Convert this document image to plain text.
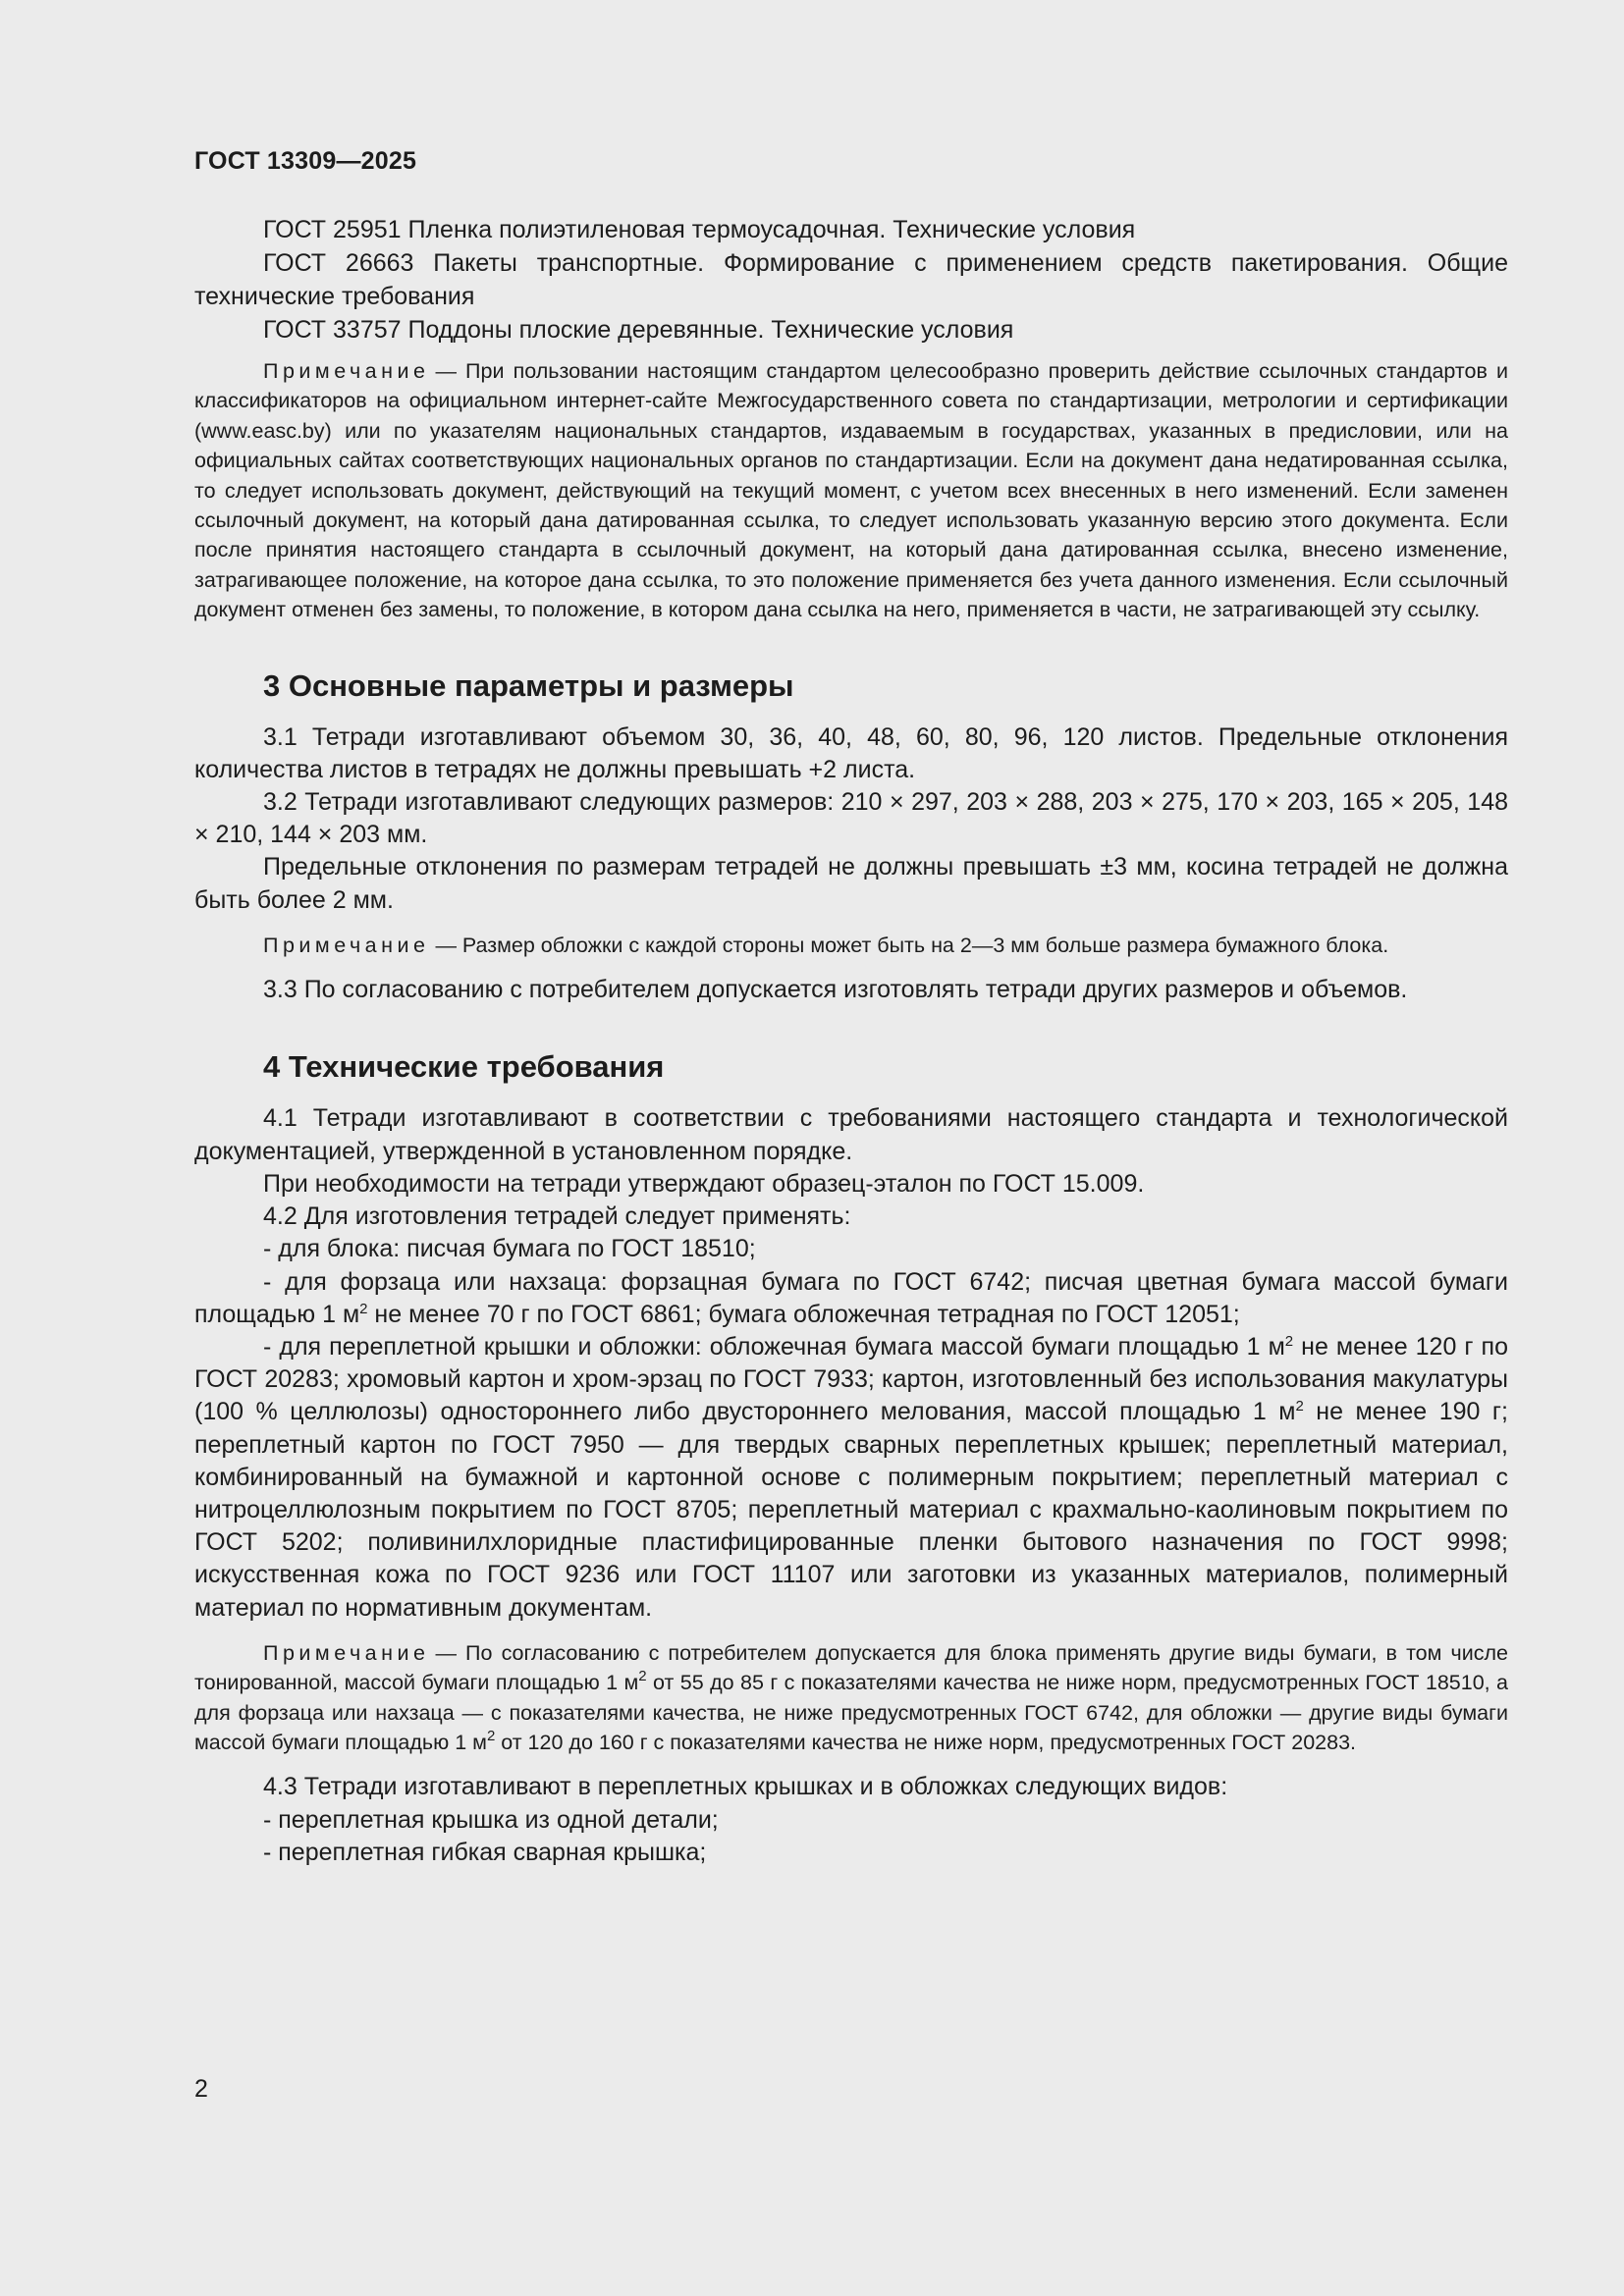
ГОСТ 13309—2025

ГОСТ 25951 Пленка полиэтиленовая термоусадочная. Технические условия

ГОСТ 26663 Пакеты транспортные. Формирование с применением средств пакетирования. Общие технические требования

ГОСТ 33757 Поддоны плоские деревянные. Технические условия

Примечание — При пользовании настоящим стандартом целесообразно проверить действие ссылочных стандартов и классификаторов на официальном интернет-сайте Межгосударственного совета по стандартизации, метрологии и сертификации (www.easc.by) или по указателям национальных стандартов, издаваемым в государствах, указанных в предисловии, или на официальных сайтах соответствующих национальных органов по стандартизации. Если на документ дана недатированная ссылка, то следует использовать документ, действующий на текущий момент, с учетом всех внесенных в него изменений. Если заменен ссылочный документ, на который дана датированная ссылка, то следует использовать указанную версию этого документа. Если после принятия настоящего стандарта в ссылочный документ, на который дана датированная ссылка, внесено изменение, затрагивающее положение, на которое дана ссылка, то это положение применяется без учета данного изменения. Если ссылочный документ отменен без замены, то положение, в котором дана ссылка на него, применяется в части, не затрагивающей эту ссылку.

3 Основные параметры и размеры

3.1 Тетради изготавливают объемом 30, 36, 40, 48, 60, 80, 96, 120 листов. Предельные отклонения количества листов в тетрадях не должны превышать +2 листа.

3.2 Тетради изготавливают следующих размеров: 210 × 297, 203 × 288, 203 × 275, 170 × 203, 165 × 205, 148 × 210, 144 × 203 мм.

Предельные отклонения по размерам тетрадей не должны превышать ±3 мм, косина тетрадей не должна быть более 2 мм.

Примечание — Размер обложки с каждой стороны может быть на 2—3 мм больше размера бумажного блока.

3.3 По согласованию с потребителем допускается изготовлять тетради других размеров и объемов.

4 Технические требования

4.1 Тетради изготавливают в соответствии с требованиями настоящего стандарта и технологической документацией, утвержденной в установленном порядке.

При необходимости на тетради утверждают образец-эталон по ГОСТ 15.009.

4.2 Для изготовления тетрадей следует применять:

- для блока: писчая бумага по ГОСТ 18510;

- для форзаца или нахзаца: форзацная бумага по ГОСТ 6742; писчая цветная бумага массой бумаги площадью 1 $м^2$ не менее 70 г по ГОСТ 6861; бумага обложечная тетрадная по ГОСТ 12051;

- для переплетной крышки и обложки: обложечная бумага массой бумаги площадью 1 $м^2$ не менее 120 г по ГОСТ 20283; хромовый картон и хром-эрзац по ГОСТ 7933; картон, изготовленный без использования макулатуры (100 % целлюлозы) одностороннего либо двустороннего мелования, массой площадью 1 $м^2$ не менее 190 г; переплетный картон по ГОСТ 7950 — для твердых сварных переплетных крышек; переплетный материал, комбинированный на бумажной и картонной основе с полимерным покрытием; переплетный материал с нитроцеллюлозным покрытием по ГОСТ 8705; переплетный материал с крахмально-каолиновым покрытием по ГОСТ 5202; поливинилхлоридные пластифицированные пленки бытового назначения по ГОСТ 9998; искусственная кожа по ГОСТ 9236 или ГОСТ 11107 или заготовки из указанных материалов, полимерный материал по нормативным документам.

Примечание — По согласованию с потребителем допускается для блока применять другие виды бумаги, в том числе тонированной, массой бумаги площадью 1 $м^2$ от 55 до 85 г с показателями качества не ниже норм, предусмотренных ГОСТ 18510, а для форзаца или нахзаца — с показателями качества, не ниже предусмотренных ГОСТ 6742, для обложки — другие виды бумаги массой бумаги площадью 1 $м^2$ от 120 до 160 г с показателями качества не ниже норм, предусмотренных ГОСТ 20283.

4.3 Тетради изготавливают в переплетных крышках и в обложках следующих видов:

- переплетная крышка из одной детали;

- переплетная гибкая сварная крышка;

2
